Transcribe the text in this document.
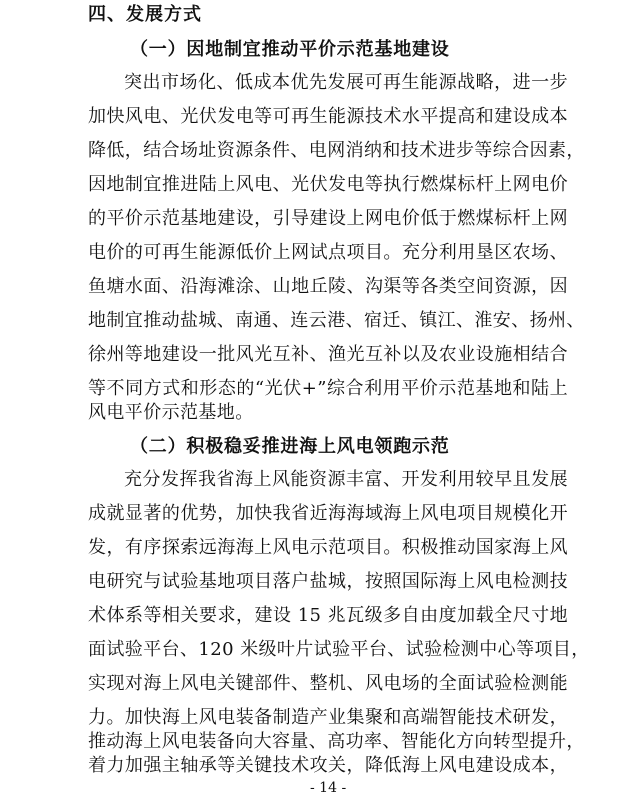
四、发展方式
（一）因地制宜推动平价示范基地建设
突出市场化、低成本优先发展可再生能源战略，进一步
加快风电、光伏发电等可再生能源技术水平提高和建设成本
降低，结合场址资源条件、电网消纳和技术进步等综合因素，
因地制宜推进陆上风电、光伏发电等执行燃煤标杆上网电价
的平价示范基地建设，引导建设上网电价低于燃煤标杆上网
电价的可再生能源低价上网试点项目。充分利用垦区农场、
鱼塘水面、沿海滩涂、山地丘陵、沟渠等各类空间资源，因
地制宜推动盐城、南通、连云港、宿迁、镇江、淮安、扬州、
徐州等地建设一批风光互补、渔光互补以及农业设施相结合
等不同方式和形态的“光伏+”综合利用平价示范基地和陆上
风电平价示范基地。
（二）积极稳妥推进海上风电领跑示范
充分发挥我省海上风能资源丰富、开发利用较早且发展
成就显著的优势，加快我省近海海域海上风电项目规模化开
发，有序探索远海海上风电示范项目。积极推动国家海上风
电研究与试验基地项目落户盐城，按照国际海上风电检测技
术体系等相关要求，建设 15 兆瓦级多自由度加载全尺寸地
面试验平台、120 米级叶片试验平台、试验检测中心等项目，
实现对海上风电关键部件、整机、风电场的全面试验检测能
力。加快海上风电装备制造产业集聚和高端智能技术研发，
推动海上风电装备向大容量、高功率、智能化方向转型提升，
着力加强主轴承等关键技术攻关，降低海上风电建设成本，
- 14 -
